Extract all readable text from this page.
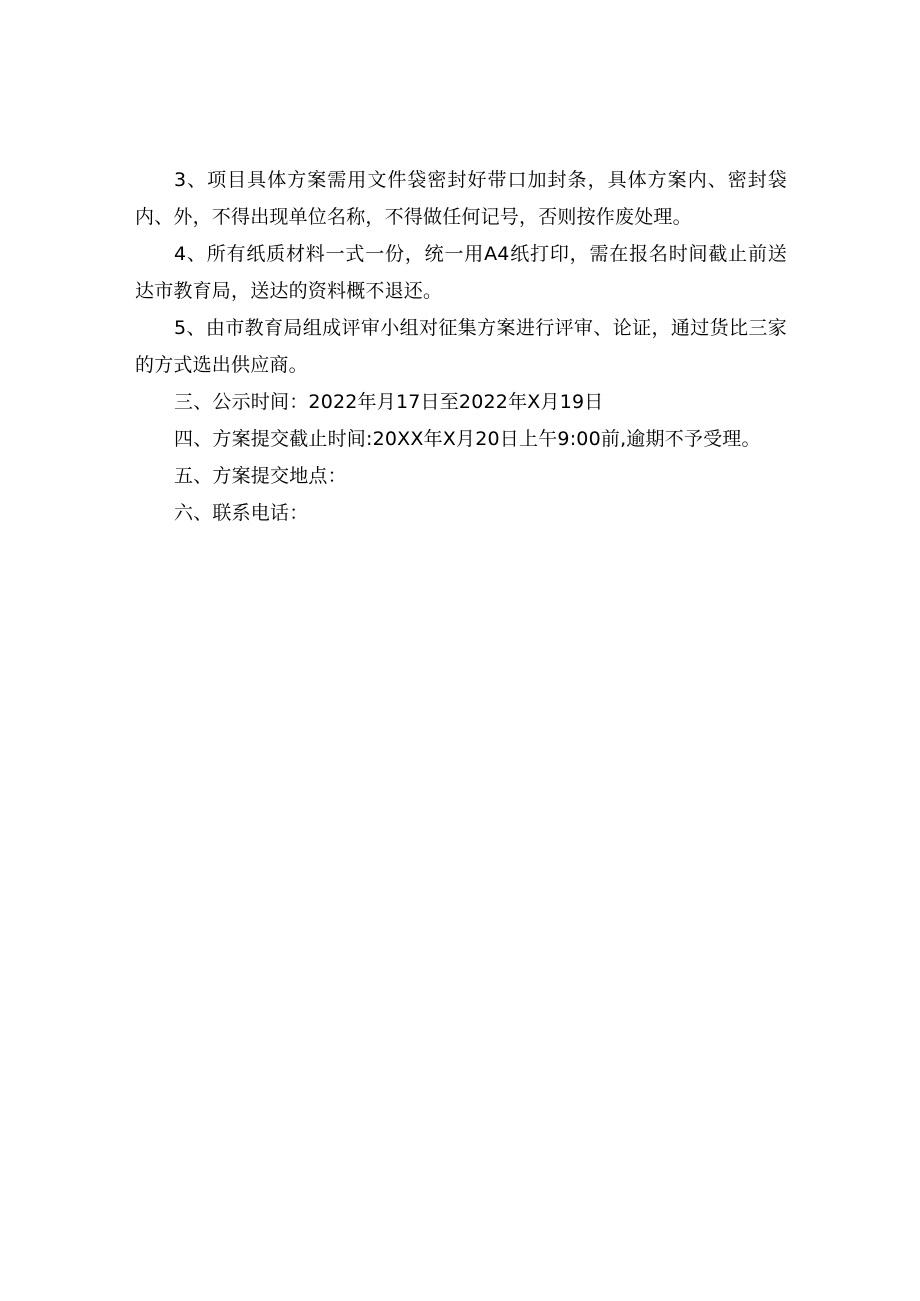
3、项目具体方案需用文件袋密封好带口加封条，具体方案内、密封袋内、外，不得出现单位名称，不得做任何记号，否则按作废处理。

4、所有纸质材料一式一份，统一用A4纸打印，需在报名时间截止前送达市教育局，送达的资料概不退还。

5、由市教育局组成评审小组对征集方案进行评审、论证，通过货比三家的方式选出供应商。

三、公示时间：2022年月17日至2022年X月19日

四、方案提交截止时间:20XX年X月20日上午9:00前,逾期不予受理。

五、方案提交地点：

六、联系电话：
